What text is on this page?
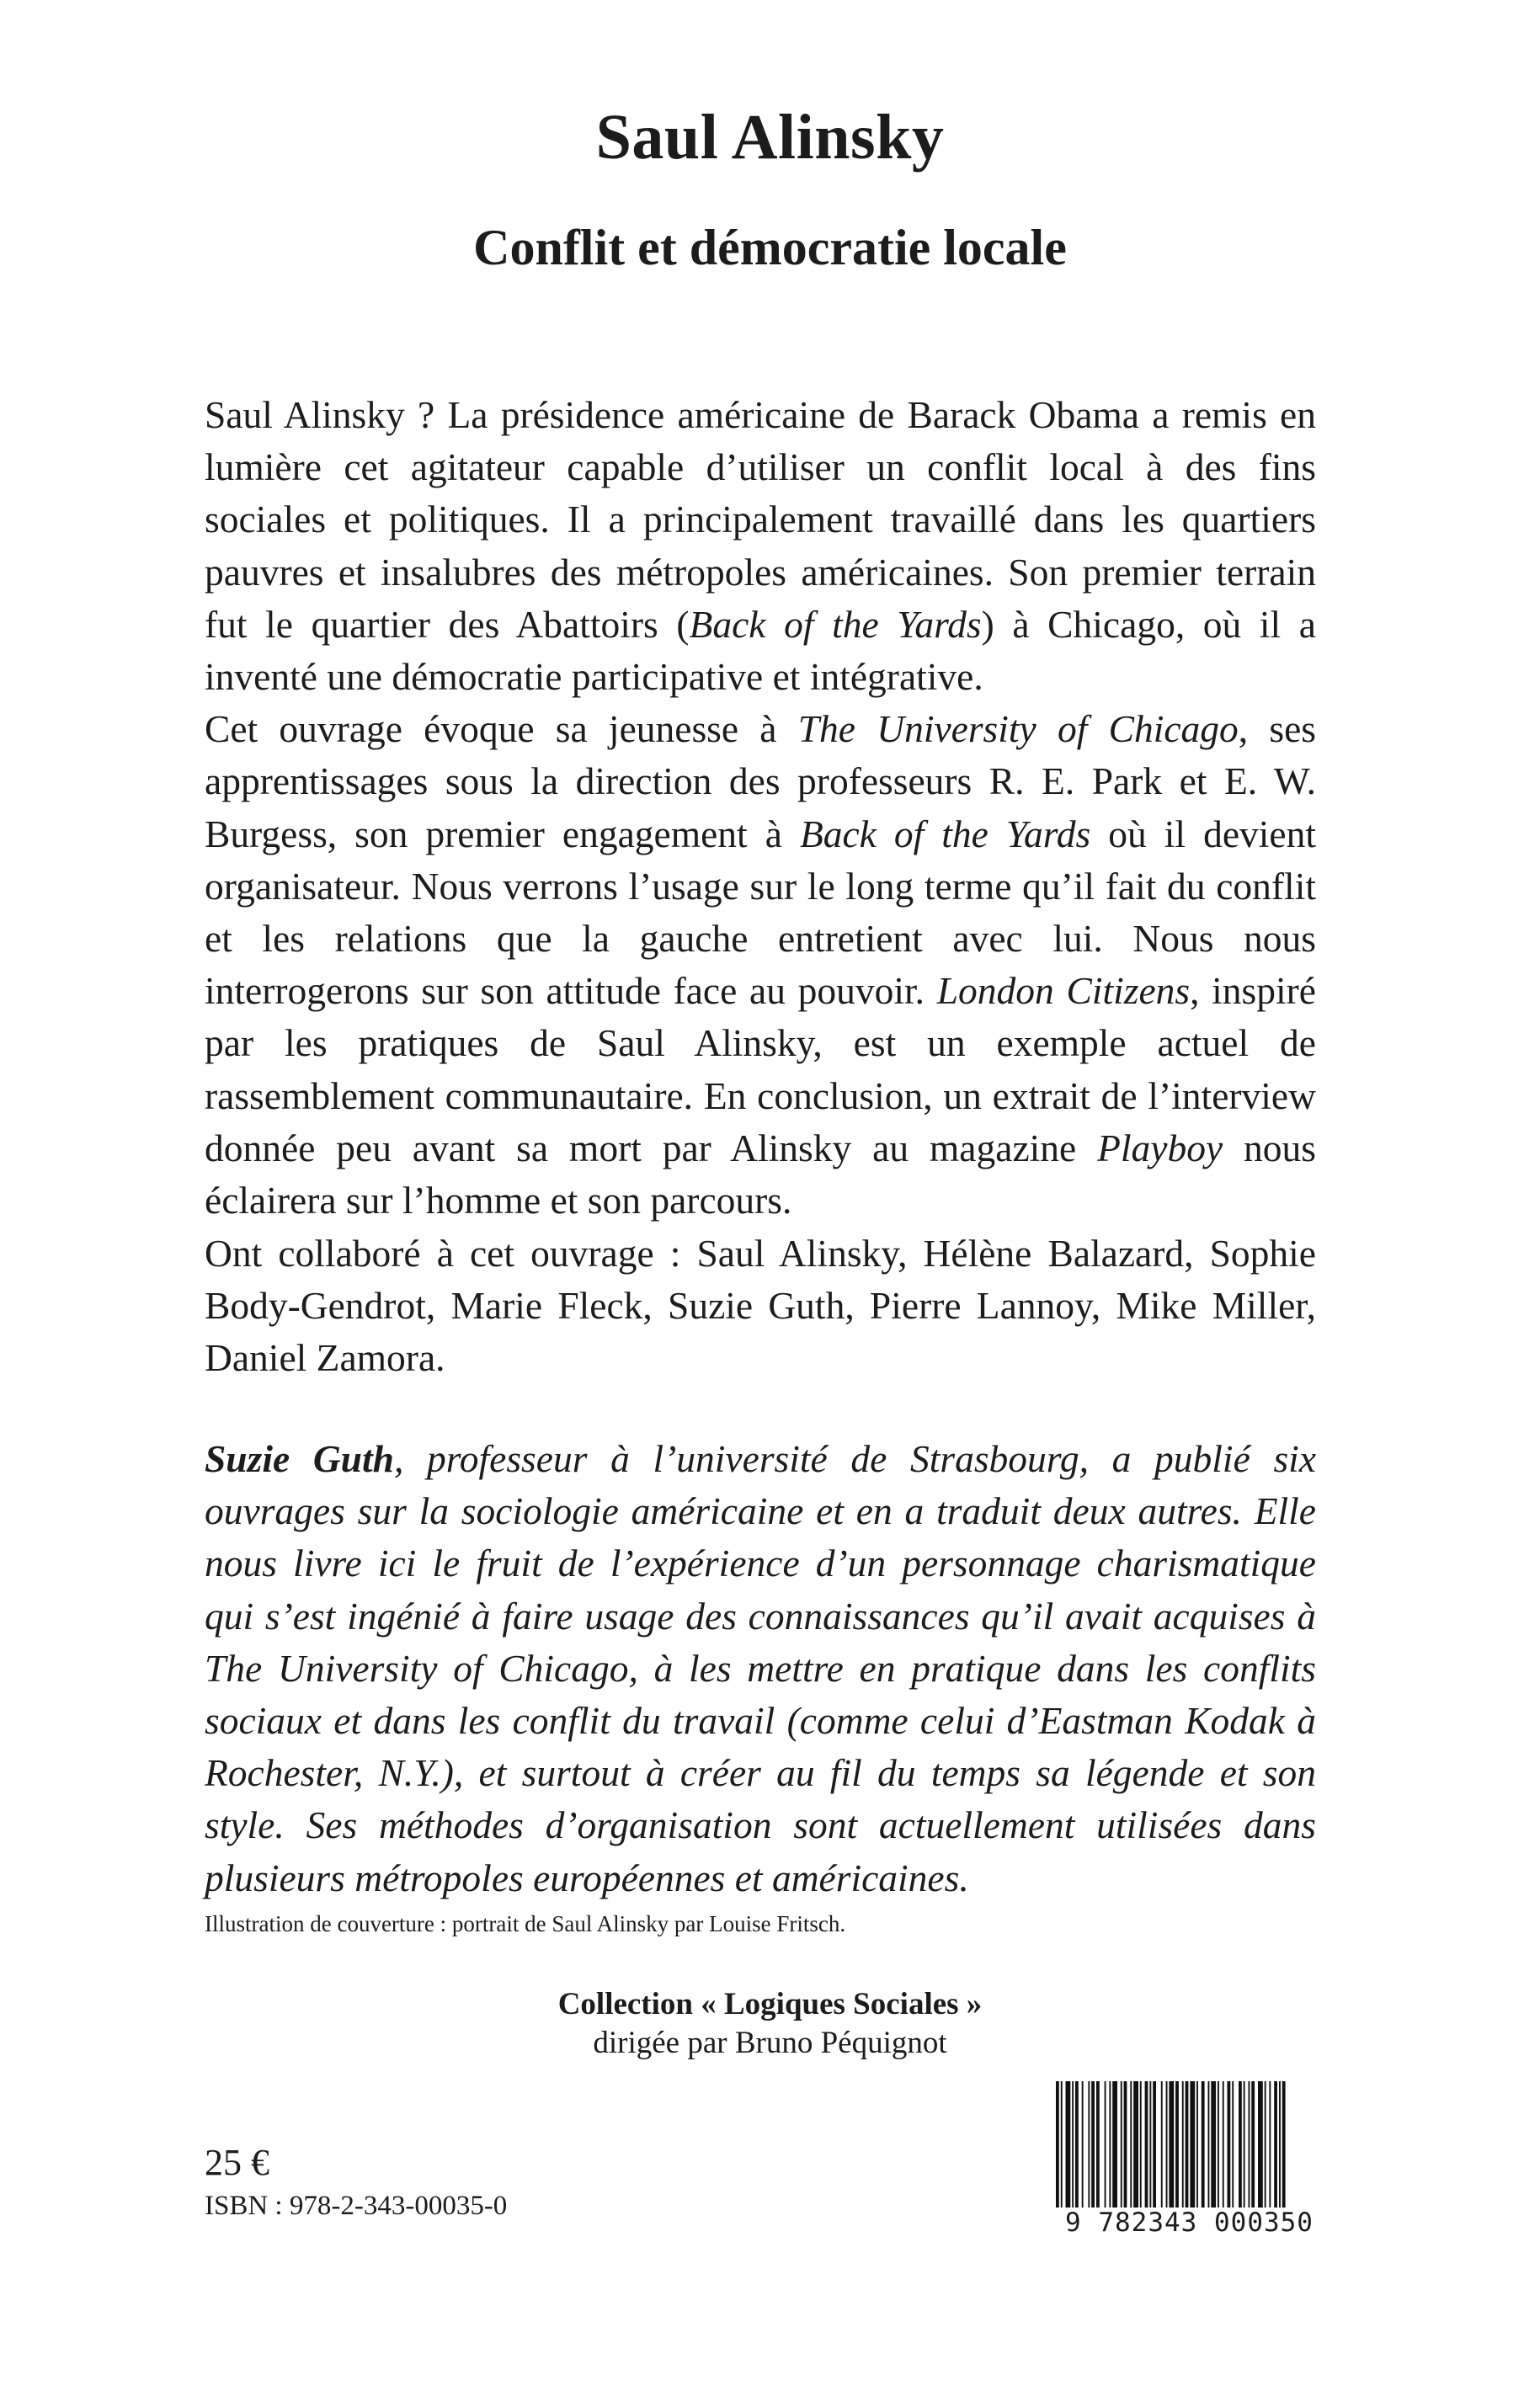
Saul Alinsky
Conflit et démocratie locale

Saul Alinsky ? La présidence américaine de Barack Obama a remis en lumière cet agitateur capable d’utiliser un conflit local à des fins sociales et politiques. Il a principalement travaillé dans les quartiers pauvres et insalubres des métropoles américaines. Son premier terrain fut le quartier des Abattoirs (Back of the Yards) à Chicago, où il a inventé une démocratie participative et intégrative.

Cet ouvrage évoque sa jeunesse à The University of Chicago, ses apprentissages sous la direction des professeurs R. E. Park et E. W. Burgess, son premier engagement à Back of the Yards où il devient organisateur. Nous verrons l’usage sur le long terme qu’il fait du conflit et les relations que la gauche entretient avec lui. Nous nous interrogerons sur son attitude face au pouvoir. London Citizens, inspiré par les pratiques de Saul Alinsky, est un exemple actuel de rassemblement communautaire. En conclusion, un extrait de l’interview donnée peu avant sa mort par Alinsky au magazine Playboy nous éclairera sur l’homme et son parcours.

Ont collaboré à cet ouvrage : Saul Alinsky, Hélène Balazard, Sophie Body-Gendrot, Marie Fleck, Suzie Guth, Pierre Lannoy, Mike Miller, Daniel Zamora.
Suzie Guth, professeur à l’université de Strasbourg, a publié six ouvrages sur la sociologie américaine et en a traduit deux autres. Elle nous livre ici le fruit de l’expérience d’un personnage charismatique qui s’est ingénié à faire usage des connaissances qu’il avait acquises à The University of Chicago, à les mettre en pratique dans les conflits sociaux et dans les conflit du travail (comme celui d’Eastman Kodak à Rochester, N.Y.), et surtout à créer au fil du temps sa légende et son style. Ses méthodes d’organisation sont actuellement utilisées dans plusieurs métropoles européennes et américaines.
Illustration de couverture : portrait de Saul Alinsky par Louise Fritsch.
Collection « Logiques Sociales »
dirigée par Bruno Péquignot
25 €
ISBN : 978-2-343-00035-0
9 782343 000350
